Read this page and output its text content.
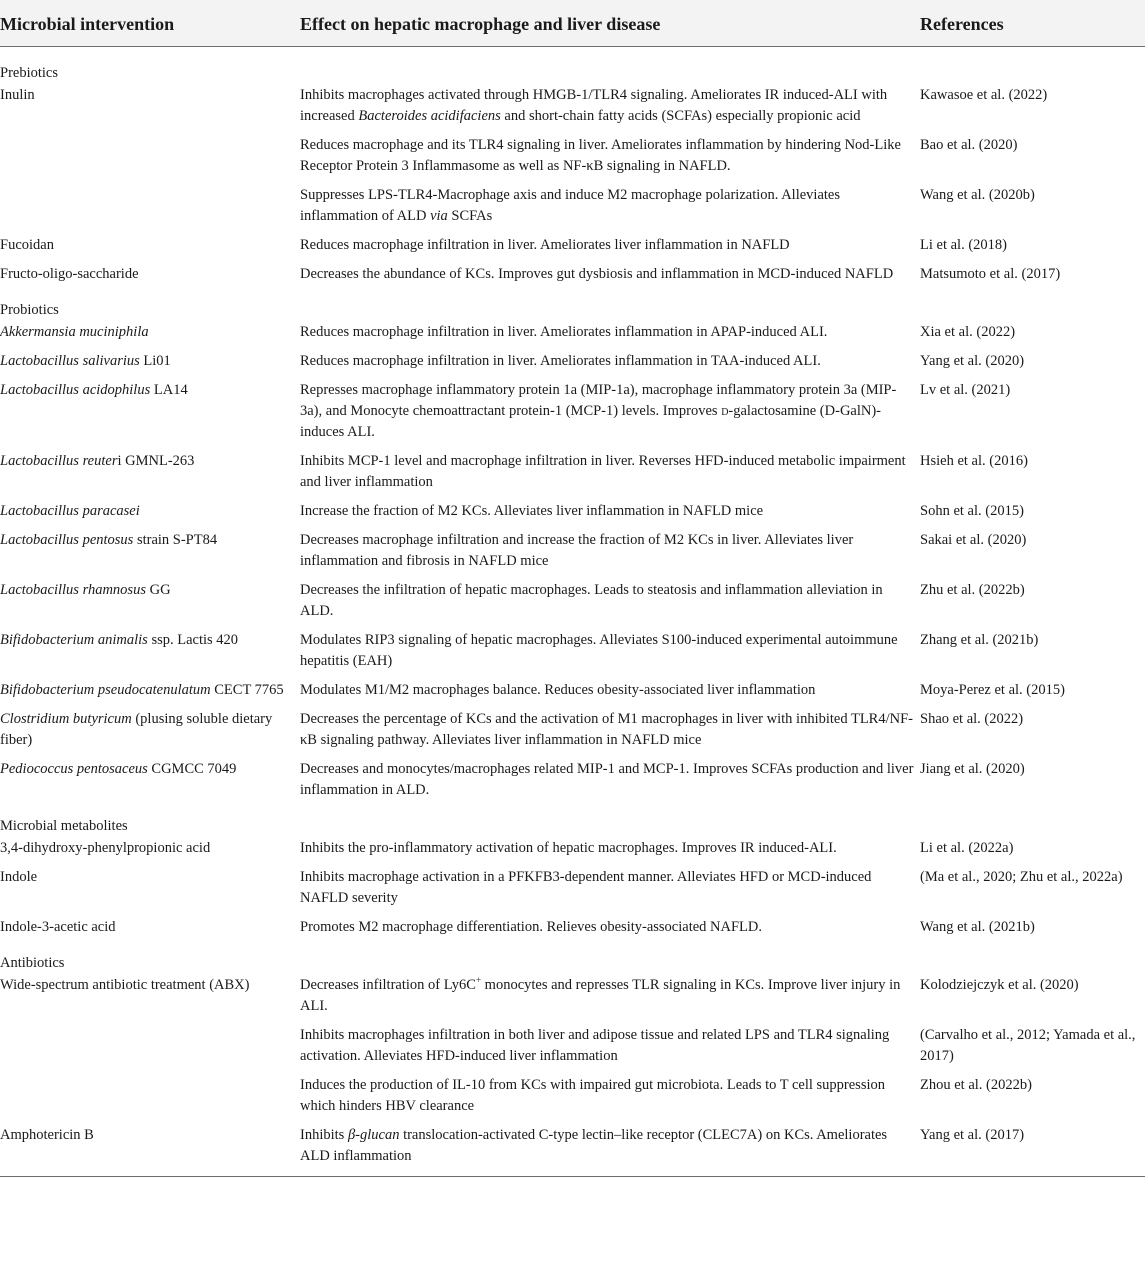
Microbial intervention	Effect on hepatic macrophage and liver disease	References
Prebiotics		
Inulin	Inhibits macrophages activated through HMGB-1/TLR4 signaling. Ameliorates IR induced-ALI with increased Bacteroides acidifaciens and short-chain fatty acids (SCFAs) especially propionic acid	Kawasoe et al. (2022)
	Reduces macrophage and its TLR4 signaling in liver. Ameliorates inflammation by hindering Nod-Like Receptor Protein 3 Inflammasome as well as NF-κB signaling in NAFLD.	Bao et al. (2020)
	Suppresses LPS-TLR4-Macrophage axis and induce M2 macrophage polarization. Alleviates inflammation of ALD via SCFAs	Wang et al. (2020b)
Fucoidan	Reduces macrophage infiltration in liver. Ameliorates liver inflammation in NAFLD	Li et al. (2018)
Fructo-oligo-saccharide	Decreases the abundance of KCs. Improves gut dysbiosis and inflammation in MCD-induced NAFLD	Matsumoto et al. (2017)
Probiotics		
Akkermansia muciniphila	Reduces macrophage infiltration in liver. Ameliorates inflammation in APAP-induced ALI.	Xia et al. (2022)
Lactobacillus salivarius Li01	Reduces macrophage infiltration in liver. Ameliorates inflammation in TAA-induced ALI.	Yang et al. (2020)
Lactobacillus acidophilus LA14	Represses macrophage inflammatory protein 1a (MIP-1a), macrophage inflammatory protein 3a (MIP-3a), and Monocyte chemoattractant protein-1 (MCP-1) levels. Improves d-galactosamine (D-GalN)-induces ALI.	Lv et al. (2021)
Lactobacillus reuteri GMNL-263	Inhibits MCP-1 level and macrophage infiltration in liver. Reverses HFD-induced metabolic impairment and liver inflammation	Hsieh et al. (2016)
Lactobacillus paracasei	Increase the fraction of M2 KCs. Alleviates liver inflammation in NAFLD mice	Sohn et al. (2015)
Lactobacillus pentosus strain S-PT84	Decreases macrophage infiltration and increase the fraction of M2 KCs in liver. Alleviates liver inflammation and fibrosis in NAFLD mice	Sakai et al. (2020)
Lactobacillus rhamnosus GG	Decreases the infiltration of hepatic macrophages. Leads to steatosis and inflammation alleviation in ALD.	Zhu et al. (2022b)
Bifidobacterium animalis ssp. Lactis 420	Modulates RIP3 signaling of hepatic macrophages. Alleviates S100-induced experimental autoimmune hepatitis (EAH)	Zhang et al. (2021b)
Bifidobacterium pseudocatenulatum CECT 7765	Modulates M1/M2 macrophages balance. Reduces obesity-associated liver inflammation	Moya-Perez et al. (2015)
Clostridium butyricum (plusing soluble dietary fiber)	Decreases the percentage of KCs and the activation of M1 macrophages in liver with inhibited TLR4/NF-κB signaling pathway. Alleviates liver inflammation in NAFLD mice	Shao et al. (2022)
Pediococcus pentosaceus CGMCC 7049	Decreases and monocytes/macrophages related MIP-1 and MCP-1. Improves SCFAs production and liver inflammation in ALD.	Jiang et al. (2020)
Microbial metabolites		
3,4-dihydroxy-phenylpropionic acid	Inhibits the pro-inflammatory activation of hepatic macrophages. Improves IR induced-ALI.	Li et al. (2022a)
Indole	Inhibits macrophage activation in a PFKFB3-dependent manner. Alleviates HFD or MCD-induced NAFLD severity	(Ma et al., 2020; Zhu et al., 2022a)
Indole-3-acetic acid	Promotes M2 macrophage differentiation. Relieves obesity-associated NAFLD.	Wang et al. (2021b)
Antibiotics		
Wide-spectrum antibiotic treatment (ABX)	Decreases infiltration of Ly6C+ monocytes and represses TLR signaling in KCs. Improve liver injury in ALI.	Kolodziejczyk et al. (2020)
	Inhibits macrophages infiltration in both liver and adipose tissue and related LPS and TLR4 signaling activation. Alleviates HFD-induced liver inflammation	(Carvalho et al., 2012; Yamada et al., 2017)
	Induces the production of IL-10 from KCs with impaired gut microbiota. Leads to T cell suppression which hinders HBV clearance	Zhou et al. (2022b)
Amphotericin B	Inhibits β-glucan translocation-activated C-type lectin–like receptor (CLEC7A) on KCs. Ameliorates ALD inflammation	Yang et al. (2017)
